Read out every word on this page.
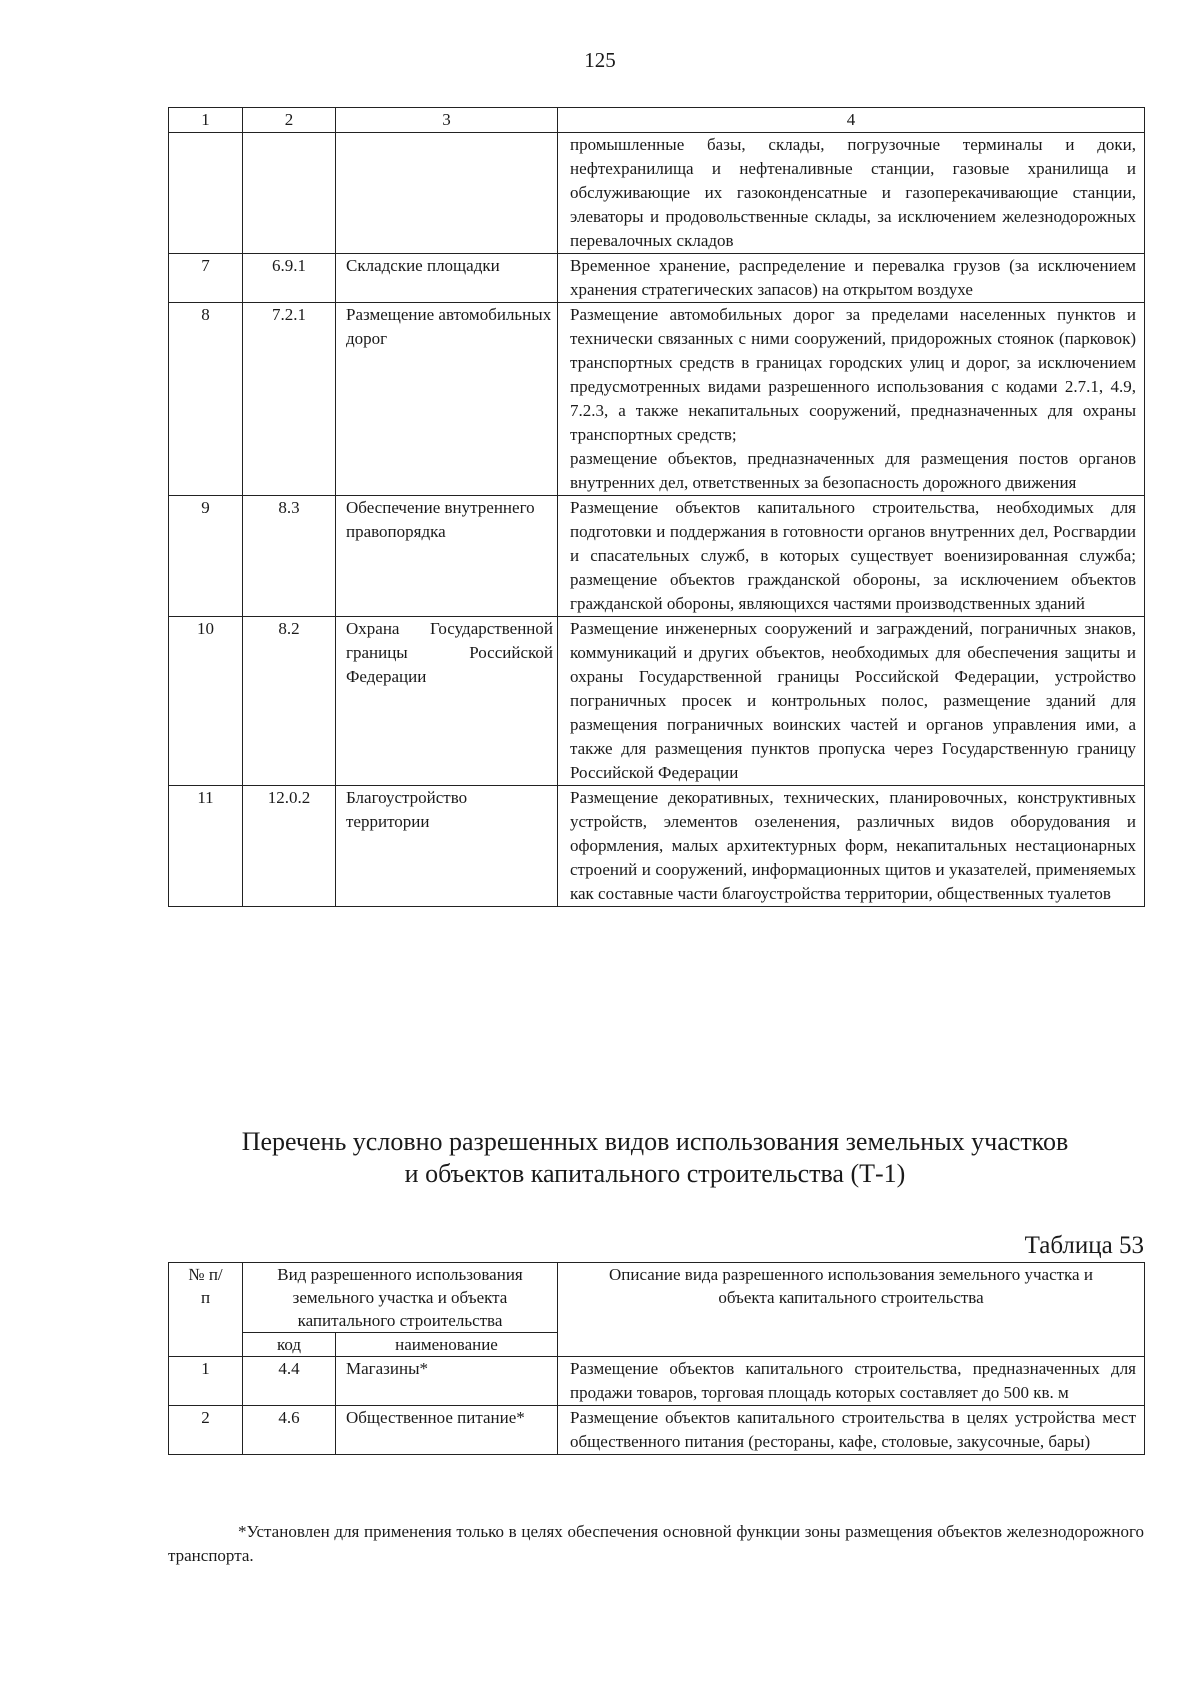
125
1	2	3	4
			промышленные базы, склады, погрузочные терминалы и доки, нефтехранилища и нефтеналивные станции, газовые хранилища и обслуживающие их газоконденсатные и газоперекачивающие станции, элеваторы и продовольственные склады, за исключением железнодорожных перевалочных складов
7	6.9.1	Складские площадки	Временное хранение, распределение и перевалка грузов (за исключением хранения стратегических запасов) на открытом воздухе
8	7.2.1	Размещение автомобильных дорог	Размещение автомобильных дорог за пределами населенных пунктов и технически связанных с ними сооружений, придорожных стоянок (парковок) транспортных средств в границах городских улиц и дорог, за исключением предусмотренных видами разрешенного использования с кодами 2.7.1, 4.9, 7.2.3, а также некапитальных сооружений, предназначенных для охраны транспортных средств;
размещение объектов, предназначенных для размещения постов органов внутренних дел, ответственных за безопасность дорожного движения

9	8.3	Обеспечение внутреннего правопорядка	Размещение объектов капитального строительства, необходимых для подготовки и поддержания в готовности органов внутренних дел, Росгвардии и спасательных служб, в которых существует военизированная служба; размещение объектов гражданской обороны, за исключением объектов гражданской обороны, являющихся частями производственных зданий
10	8.2	Охрана Государственной границы Российской Федерации	Размещение инженерных сооружений и заграждений, пограничных знаков, коммуникаций и других объектов, необходимых для обеспечения защиты и охраны Государственной границы Российской Федерации, устройство пограничных просек и контрольных полос, размещение зданий для размещения пограничных воинских частей и органов управления ими, а также для размещения пунктов пропуска через Государственную границу Российской Федерации
11	12.0.2	Благоустройство территории	Размещение декоративных, технических, планировочных, конструктивных устройств, элементов озеленения, различных видов оборудования и оформления, малых архитектурных форм, некапитальных нестационарных строений и сооружений, информационных щитов и указателей, применяемых как составные части благоустройства территории, общественных туалетов
Перечень условно разрешенных видов использования земельных участков
и объектов капитального строительства (Т-1)
Таблица 53
№ п/п	Вид разрешенного использования земельного участка и объекта капитального строительства		Описание вида разрешенного использования земельного участка и объекта капитального строительства
	код	наименование	
1	4.4	Магазины*	Размещение объектов капитального строительства, предназначенных для продажи товаров, торговая площадь которых составляет до 500 кв. м
2	4.6	Общественное питание*	Размещение объектов капитального строительства в целях устройства мест общественного питания (рестораны, кафе, столовые, закусочные, бары)
*Установлен для применения только в целях обеспечения основной функции зоны размещения объектов железнодорожного транспорта.
